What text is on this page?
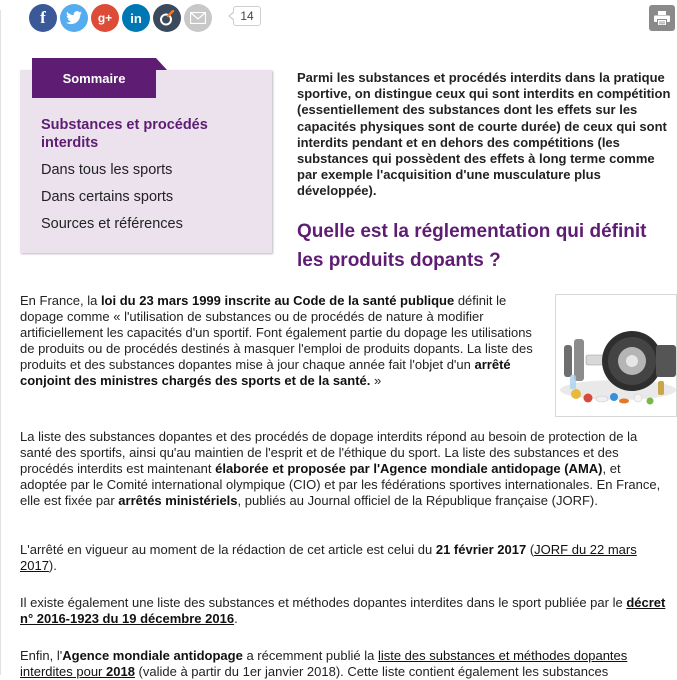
f	g+ in	14
Sommaire
Substances et procédés interdits
Dans tous les sports
Dans certains sports
Sources et références

Parmi les substances et procédés interdits dans la pratique sportive, on distingue ceux qui sont interdits en compétition (essentiellement des substances dont les effets sur les capacités physiques sont de courte durée) de ceux qui sont interdits pendant et en dehors des compétitions (les substances qui possèdent des effets à long terme comme par exemple l'acquisition d'une musculature plus développée).

Quelle est la réglementation qui définit les produits dopants ?

En France, la loi du 23 mars 1999 inscrite au Code de la santé publique définit le dopage comme « l'utilisation de substances ou de procédés de nature à modifier artificiellement les capacités d'un sportif. Font également partie du dopage les utilisations de produits ou de procédés destinés à masquer l'emploi de produits dopants. La liste des produits et des substances dopantes mise à jour chaque année fait l'objet d'un arrêté conjoint des ministres chargés des sports et de la santé. »

La liste des substances dopantes et des procédés de dopage interdits répond au besoin de protection de la santé des sportifs, ainsi qu'au maintien de l'esprit et de l'éthique du sport. La liste des substances et des procédés interdits est maintenant élaborée et proposée par l'Agence mondiale antidopage (AMA), et adoptée par le Comité international olympique (CIO) et par les fédérations sportives internationales. En France, elle est fixée par arrêtés ministériels, publiés au Journal officiel de la République française (JORF).

L'arrêté en vigueur au moment de la rédaction de cet article est celui du 21 février 2017 (JORF du 22 mars 2017).

Il existe également une liste des substances et méthodes dopantes interdites dans le sport publiée par le décret n° 2016-1923 du 19 décembre 2016.

Enfin, l'Agence mondiale antidopage a récemment publié la liste des substances et méthodes dopantes interdites pour 2018 (valide à partir du 1er janvier 2018). Cette liste contient également les substances
